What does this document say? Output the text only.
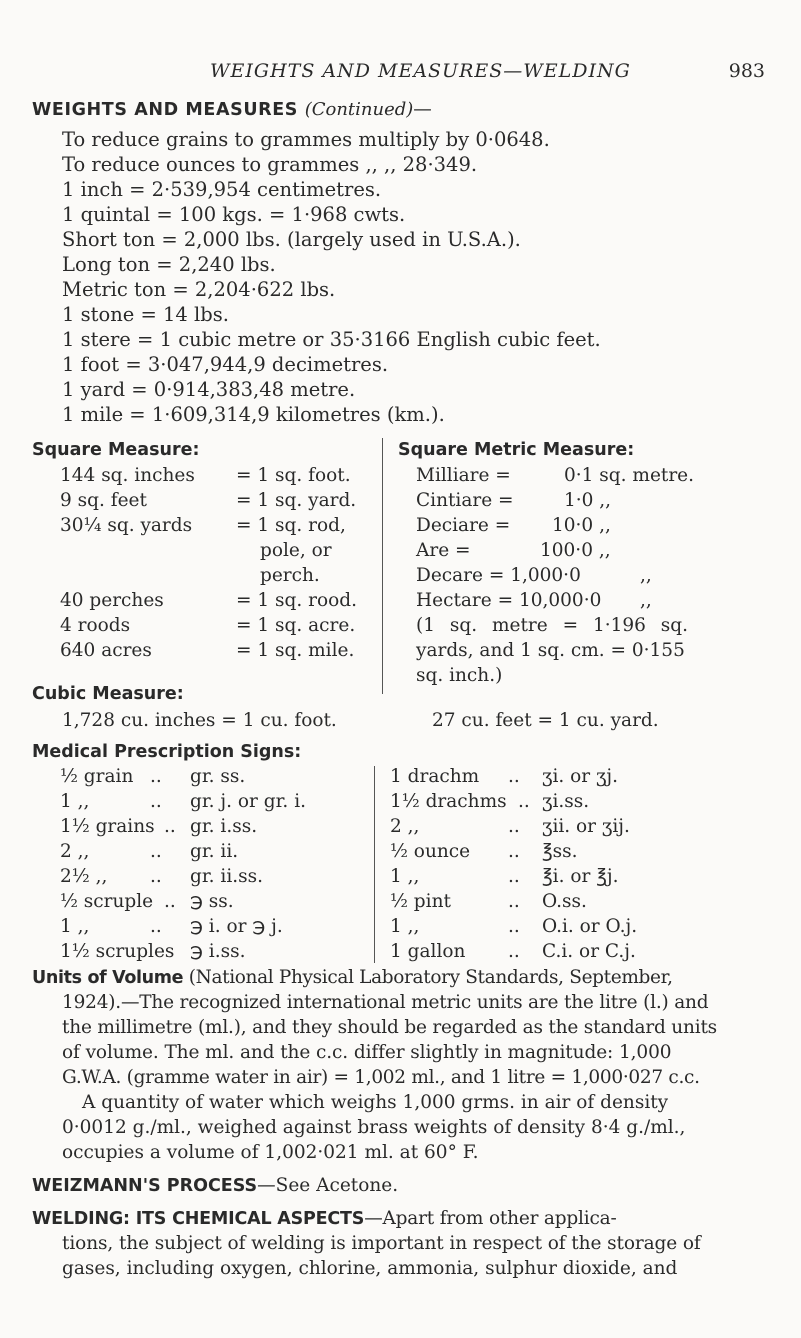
WEIGHTS AND MEASURES—WELDING	983
WEIGHTS AND MEASURES (Continued)—
To reduce grains to grammes multiply by 0·0648.
To reduce ounces to grammes ,, ,, 28·349.
1 inch = 2·539,954 centimetres.
1 quintal = 100 kgs. = 1·968 cwts.
Short ton = 2,000 lbs. (largely used in U.S.A.).
Long ton = 2,240 lbs.
Metric ton = 2,204·622 lbs.
1 stone = 14 lbs.
1 stere = 1 cubic metre or 35·3166 English cubic feet.
1 foot = 3·047,944,9 decimetres.
1 yard = 0·914,383,48 metre.
1 mile = 1·609,314,9 kilometres (km.).
Square Measure:
144 sq. inches = 1 sq. foot.
9 sq. feet	= 1 sq. yard.
30¼ sq. yards = 1 sq. rod,
pole, or
perch.
40 perches	= 1 sq. rood.
4 roods	= 1 sq. acre.
640 acres	= 1 sq. mile.
Square Metric Measure:
Milliare =	0·1 sq. metre.
Cintiare =	1·0 ,,
Deciare = 10·0 ,,
Are =	100·0 ,,
Decare = 1,000·0	,,
Hectare = 10,000·0 ,,
(1 sq. metre = 1·196 sq.
yards, and 1 sq. cm. = 0·155
sq. inch.)
Cubic Measure:
1,728 cu. inches = 1 cu. foot.	27 cu. feet = 1 cu. yard.
Medical Prescription Signs:
½ grain .. gr. ss.
1 ,,	.. gr. j. or gr. i.
1½ grains .. gr. i.ss.
2 ,,	.. gr. ii.
2½ ,, .. gr. ii.ss.
½ scruple .. ℈ ss.
1 ,,	.. ℈ i. or ℈ j.
1½ scruples ℈ i.ss.
1 drachm .. ʒi. or ʒj.
1½ drachms .. ʒi.ss.
2 ,,	.. ʒii. or ʒij.
½ ounce .. ℥ss.
1 ,,	.. ℥i. or ℥j.
½ pint	.. O.ss.
1 ,,	.. O.i. or O.j.
1 gallon .. C.i. or C.j.
Units of Volume (National Physical Laboratory Standards, September,
1924).—The recognized international metric units are the litre (l.) and
the millimetre (ml.), and they should be regarded as the standard units
of volume. The ml. and the c.c. differ slightly in magnitude: 1,000
G.W.A. (gramme water in air) = 1,002 ml., and 1 litre = 1,000·027 c.c.
A quantity of water which weighs 1,000 grms. in air of density
0·0012 g./ml., weighed against brass weights of density 8·4 g./ml.,
occupies a volume of 1,002·021 ml. at 60° F.
WEIZMANN'S PROCESS—See Acetone.
WELDING: ITS CHEMICAL ASPECTS—Apart from other applica-
tions, the subject of welding is important in respect of the storage of
gases, including oxygen, chlorine, ammonia, sulphur dioxide, and
